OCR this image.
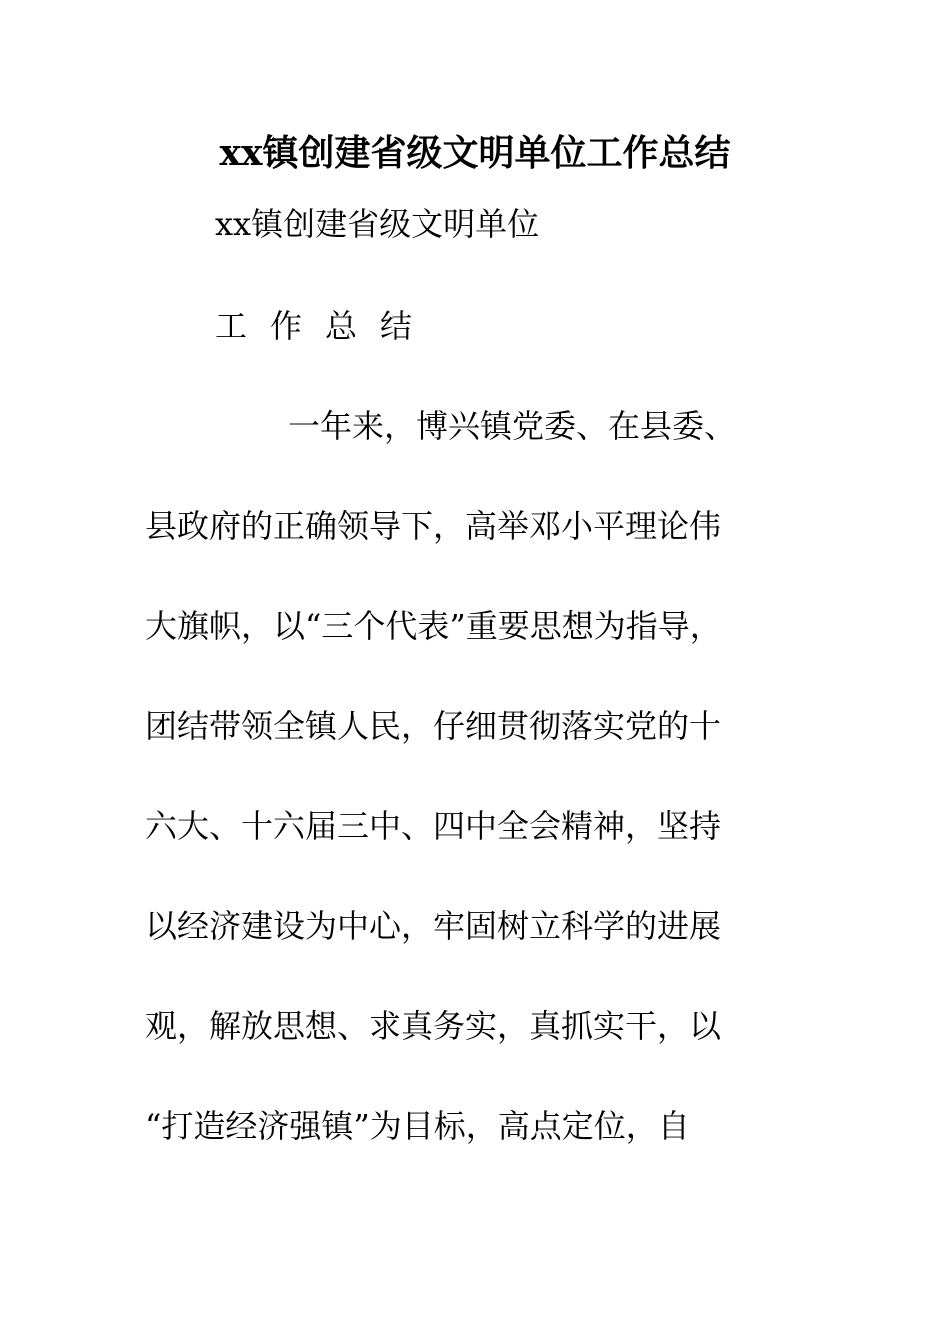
xx镇创建省级文明单位工作总结
xx镇创建省级文明单位
工作总结
一年来，博兴镇党委、在县委、
县政府的正确领导下，高举邓小平理论伟
大旗帜，以“三个代表”重要思想为指导，
团结带领全镇人民，仔细贯彻落实党的十
六大、十六届三中、四中全会精神，坚持
以经济建设为中心，牢固树立科学的进展
观，解放思想、求真务实，真抓实干，以
“打造经济强镇”为目标，高点定位，自
